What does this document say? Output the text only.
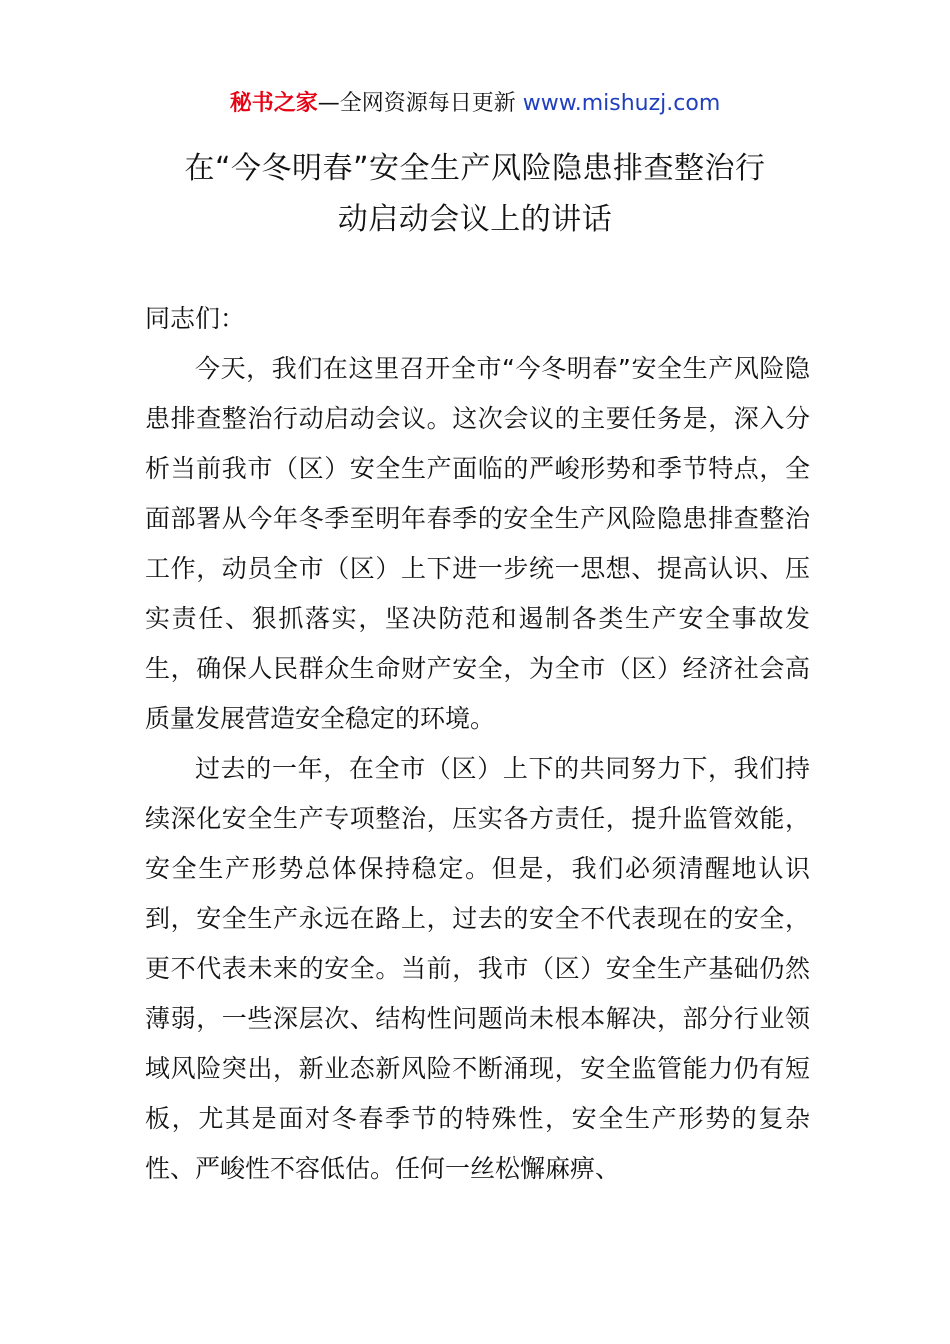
秘书之家—全网资源每日更新 www.mishuzj.com
在“今冬明春”安全生产风险隐患排查整治行
动启动会议上的讲话

同志们：

今天，我们在这里召开全市“今冬明春”安全生产风险隐患排查整治行动启动会议。这次会议的主要任务是，深入分析当前我市（区）安全生产面临的严峻形势和季节特点，全面部署从今年冬季至明年春季的安全生产风险隐患排查整治工作，动员全市（区）上下进一步统一思想、提高认识、压实责任、狠抓落实，坚决防范和遏制各类生产安全事故发生，确保人民群众生命财产安全，为全市（区）经济社会高质量发展营造安全稳定的环境。

过去的一年，在全市（区）上下的共同努力下，我们持续深化安全生产专项整治，压实各方责任，提升监管效能，安全生产形势总体保持稳定。但是，我们必须清醒地认识到，安全生产永远在路上，过去的安全不代表现在的安全，更不代表未来的安全。当前，我市（区）安全生产基础仍然薄弱，一些深层次、结构性问题尚未根本解决，部分行业领域风险突出，新业态新风险不断涌现，安全监管能力仍有短板，尤其是面对冬春季节的特殊性，安全生产形势的复杂性、严峻性不容低估。任何一丝松懈麻痹、
